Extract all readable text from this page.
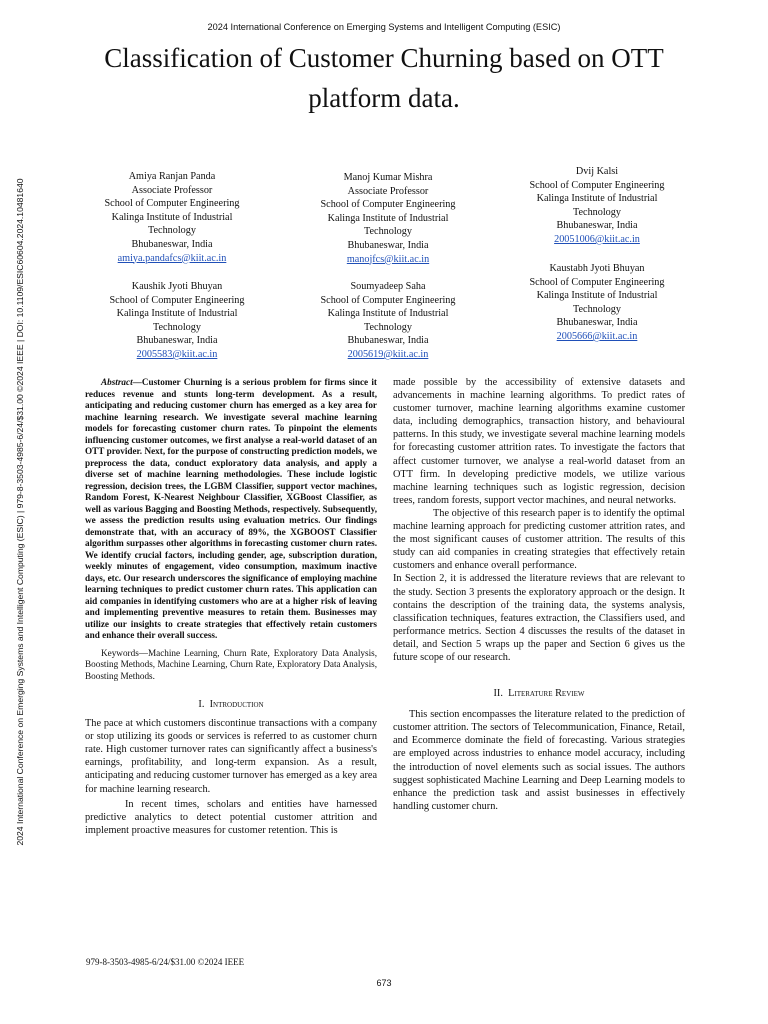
2024 International Conference on Emerging Systems and Intelligent Computing (ESIC)
Classification of Customer Churning based on OTT
platform data.
2024 International Conference on Emerging Systems and Intelligent Computing (ESIC) | 979-8-3503-4985-6/24/$31.00 ©2024 IEEE | DOI: 10.1109/ESIC60604.2024.10481640
Amiya Ranjan Panda
Associate Professor
School of Computer Engineering
Kalinga Institute of Industrial
Technology
Bhubaneswar, India
amiya.pandafcs@kiit.ac.in
Manoj Kumar Mishra
Associate Professor
School of Computer Engineering
Kalinga Institute of Industrial
Technology
Bhubaneswar, India
manojfcs@kiit.ac.in
Dvij Kalsi
School of Computer Engineering
Kalinga Institute of Industrial
Technology
Bhubaneswar, India
20051006@kiit.ac.in
Kaushik Jyoti Bhuyan
School of Computer Engineering
Kalinga Institute of Industrial
Technology
Bhubaneswar, India
2005583@kiit.ac.in
Soumyadeep Saha
School of Computer Engineering
Kalinga Institute of Industrial
Technology
Bhubaneswar, India
2005619@kiit.ac.in
Kaustabh Jyoti Bhuyan
School of Computer Engineering
Kalinga Institute of Industrial
Technology
Bhubaneswar, India
2005666@kiit.ac.in

Abstract—Customer Churning is a serious problem for firms since it reduces revenue and stunts long-term development. As a result, anticipating and reducing customer churn has emerged as a key area for machine learning research. We investigate several machine learning models for forecasting customer churn rates. To pinpoint the elements influencing customer outcomes, we first analyse a real-world dataset of an OTT provider. Next, for the purpose of constructing prediction models, we preprocess the data, conduct exploratory data analysis, and apply a diverse set of machine learning methodologies. These include logistic regression, decision trees, the LGBM Classifier, support vector machines, Random Forest, K-Nearest Neighbour Classifier, XGBoost Classifier, as well as various Bagging and Boosting Methods, respectively. Subsequently, we assess the prediction results using evaluation metrics. Our findings demonstrate that, with an accuracy of 89%, the XGBOOST Classifier algorithm surpasses other algorithms in forecasting customer churn rates. We identify crucial factors, including gender, age, subscription duration, weekly minutes of engagement, video consumption, maximum inactive days, etc. Our research underscores the significance of employing machine learning techniques to predict customer churn rates. This application can aid companies in identifying customers who are at a higher risk of leaving and implementing preventive measures to retain them. Businesses may utilize our insights to create strategies that effectively retain customers and enhance their overall success.

Keywords—Machine Learning, Churn Rate, Exploratory Data Analysis, Boosting Methods, Machine Learning, Churn Rate, Exploratory Data Analysis, Boosting Methods.

I. Introduction

The pace at which customers discontinue transactions with a company or stop utilizing its goods or services is referred to as customer churn rate. High customer turnover rates can significantly affect a business's earnings, profitability, and long-term expansion. As a result, anticipating and reducing customer turnover has emerged as a key area for machine learning research.

In recent times, scholars and entities have harnessed predictive analytics to detect potential customer attrition and implement proactive measures for customer retention. This is

made possible by the accessibility of extensive datasets and advancements in machine learning algorithms. To predict rates of customer turnover, machine learning algorithms examine customer data, including demographics, transaction history, and behavioural patterns. In this study, we investigate several machine learning models for forecasting customer attrition rates. To investigate the factors that affect customer turnover, we analyse a real-world dataset from an OTT firm. In developing predictive models, we utilize various machine learning techniques such as logistic regression, decision trees, random forests, support vector machines, and neural networks.

The objective of this research paper is to identify the optimal machine learning approach for predicting customer attrition rates, and the most significant causes of customer attrition. The results of this study can aid companies in creating strategies that effectively retain customers and enhance overall performance.

In Section 2, it is addressed the literature reviews that are relevant to the study. Section 3 presents the exploratory approach or the design. It contains the description of the training data, the systems analysis, classification techniques, features extraction, the Classifiers used, and performance metrics. Section 4 discusses the results of the dataset in detail, and Section 5 wraps up the paper and Section 6 gives us the future scope of our research.

II. Literature Review

This section encompasses the literature related to the prediction of customer attrition. The sectors of Telecommunication, Finance, Retail, and Ecommerce dominate the field of forecasting. Various strategies are employed across industries to enhance model accuracy, including the introduction of novel elements such as social issues. The authors suggest sophisticated Machine Learning and Deep Learning models to enhance the prediction task and assist businesses in effectively handling customer churn.

979-8-3503-4985-6/24/$31.00 ©2024 IEEE
673
